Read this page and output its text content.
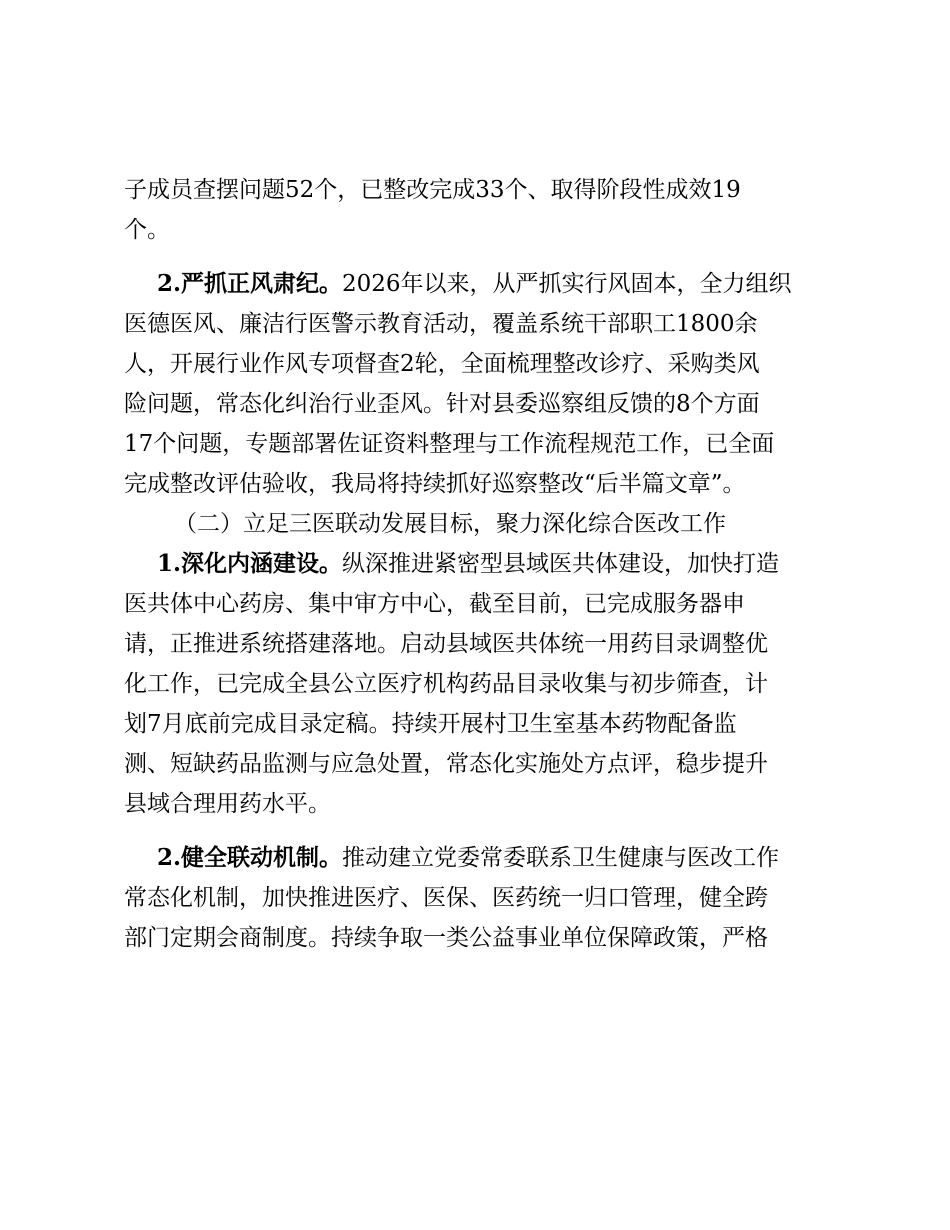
子成员查摆问题52个，已整改完成33个、取得阶段性成效19
个。
2.严抓正风肃纪。2026年以来，从严抓实行风固本，全力组织
医德医风、廉洁行医警示教育活动，覆盖系统干部职工1800余
人，开展行业作风专项督查2轮，全面梳理整改诊疗、采购类风
险问题，常态化纠治行业歪风。针对县委巡察组反馈的8个方面
17个问题，专题部署佐证资料整理与工作流程规范工作，已全面
完成整改评估验收，我局将持续抓好巡察整改“后半篇文章”。
（二）立足三医联动发展目标，聚力深化综合医改工作
1.深化内涵建设。纵深推进紧密型县域医共体建设，加快打造
医共体中心药房、集中审方中心，截至目前，已完成服务器申
请，正推进系统搭建落地。启动县域医共体统一用药目录调整优
化工作，已完成全县公立医疗机构药品目录收集与初步筛查，计
划7月底前完成目录定稿。持续开展村卫生室基本药物配备监
测、短缺药品监测与应急处置，常态化实施处方点评，稳步提升
县域合理用药水平。
2.健全联动机制。推动建立党委常委联系卫生健康与医改工作
常态化机制，加快推进医疗、医保、医药统一归口管理，健全跨
部门定期会商制度。持续争取一类公益事业单位保障政策，严格
